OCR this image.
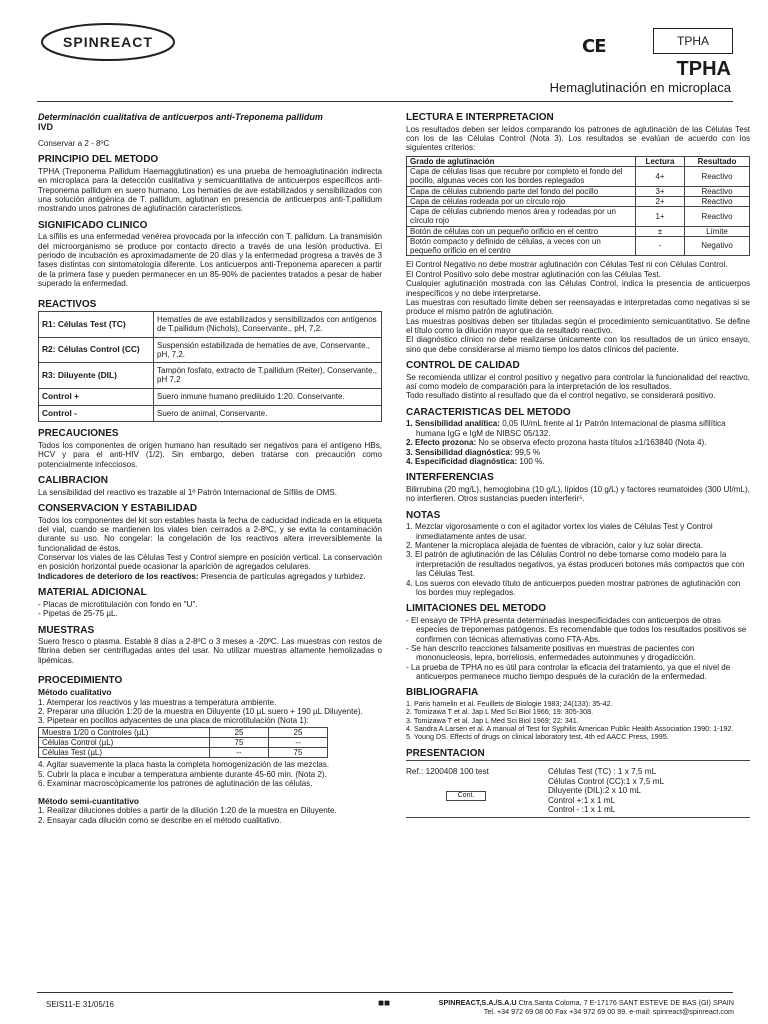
SPINREACT	CE	TPHA
TPHA
Hemaglutinación en microplaca
Determinación cualitativa de anticuerpos anti-Treponema pallidum
IVD
Conservar a 2 - 8ºC
PRINCIPIO DEL METODO

TPHA (Treponema Pallidum Haemagglutination) es una prueba de hemoaglutinación indirecta en microplaca para la detección cualitativa y semicuantitativa de anticuerpos específicos anti-Treponema pallidum en suero humano. Los hematíes de ave estabilizados y sensibilizados con una solución antigénica de T. pallidum, aglutinan en presencia de anticuerpos anti-T.pallidum mostrando unos patrones de aglutinación característicos.

SIGNIFICADO CLINICO

La sífilis es una enfermedad venérea provocada por la infección con T. pallidum. La transmisión del microorganismo se produce por contacto directo a través de una lesión productiva. El periodo de incubación es aproximadamente de 20 días y la enfermedad progresa a través de 3 fases distintas con sintomatología diferente. Los anticuerpos anti-Treponema aparecen a partir de la primera fase y pueden permanecer en un 85-90% de pacientes tratados a pesar de haber superado la enfermedad.

REACTIVOS
R1: Células Test (TC)	Hematíes de ave estabilizados y sensibilizados con antígenos de T.pallidum (Nichols), Conservante., pH, 7,2.
R2: Células Control (CC)	Suspensión estabilizada de hematíes de ave, Conservante., pH, 7,2.
R3: Diluyente (DIL)	Tampón fosfato, extracto de T.pallidum (Reiter), Conservante., pH 7,2
Control +	Suero inmune humano prediluido 1:20. Conservante.
Control -	Suero de animal, Conservante.
PRECAUCIONES

Todos los componentes de origen humano han resultado ser negativos para el antígeno HBs, HCV y para el anti-HIV (1/2). Sin embargo, deben tratarse con precaución como potencialmente infecciosos.

CALIBRACION

La sensibilidad del reactivo es trazable al 1º Patrón Internacional de Sífilis de OMS.

CONSERVACION Y ESTABILIDAD

Todos los componentes del kit son estables hasta la fecha de caducidad indicada en la etiqueta del vial, cuando se mantienen los viales bien cerrados a 2-8ºC, y se evita la contaminación durante su uso. No congelar: la congelación de los reactivos altera irreversiblemente la funcionalidad de éstos.

Conservar los viales de las Células Test y Control siempre en posición vertical. La conservación en posición horizontal puede ocasionar la aparición de agregados celulares.

Indicadores de deterioro de los reactivos: Presencia de partículas agregados y turbidez.

MATERIAL ADICIONAL
- Placas de microtitulación con fondo en "U".
- Pipetas de 25-75 µL.
MUESTRAS

Suero fresco o plasma. Estable 8 días a 2-8ºC o 3 meses a -20ºC. Las muestras con restos de fibrina deben ser centrifugadas antes del usar. No utilizar muestras altamente hemolizadas o lipémicas.

PROCEDIMIENTO
Método cualitativo
1. Atemperar los reactivos y las muestras a temperatura ambiente.
2. Preparar una dilución 1:20 de la muestra en Diluyente (10 µL suero + 190 µL Diluyente).
3. Pipetear en pocillos adyacentes de una placa de microtitulación (Nota 1):
Muestra 1/20 o Controles (µL)	25	25
Células Control (µL)	75	--
Células Test (µL)	--	75
4. Agitar suavemente la placa hasta la completa homogenización de las mezclas.
5. Cubrir la placa e incubar a temperatura ambiente durante 45-60 min. (Nota 2).
6. Examinar macroscópicamente los patrones de aglutinación de las células.
Método semi-cuantitativo
1. Realizar diluciones dobles a partir de la dilución 1:20 de la muestra en Diluyente.
2. Ensayar cada dilución como se describe en el método cualitativo.
LECTURA E INTERPRETACION

Los resultados deben ser leídos comparando los patrones de aglutinación de las Células Test con los de las Células Control (Nota 3). Los resultados se evalúan de acuerdo con los siguientes criterios:

Grado de aglutinación	Lectura	Resultado
Capa de células lisas que recubre por completo el fondo del pocillo, algunas veces con los bordes replegados	4+	Reactivo
Capa de células cubriendo parte del fondo del pocillo	3+	Reactivo
Capa de células rodeada por un círculo rojo	2+	Reactivo
Capa de células cubriendo menos área y rodeadas por un círculo rojo	1+	Reactivo
Botón de células con un pequeño orificio en el centro	±	Límite
Botón compacto y definido de células, a veces con un pequeño orificio en el centro	-	Negativo

El Control Negativo no debe mostrar aglutinación con Células Test ni con Células Control.

El Control Positivo solo debe mostrar aglutinación con las Células Test.

Cualquier aglutinación mostrada con las Células Control, indica la presencia de anticuerpos inespecíficos y no debe interpretarse.

Las muestras con resultado límite deben ser reensayadas e interpretadas como negativas si se produce el mismo patrón de aglutinación.

Las muestras positivas deben ser tituladas según el procedimiento semicuantitativo. Se define el título como la dilución mayor que da resultado reactivo.

El diagnóstico clínico no debe realizarse únicamente con los resultados de un único ensayo, sino que debe considerarse al mismo tiempo los datos clínicos del paciente.

CONTROL DE CALIDAD

Se recomienda utilizar el control positivo y negativo para controlar la funcionalidad del reactivo, así como modelo de comparación para la interpretación de los resultados.

Todo resultado distinto al resultado que da el control negativo, se considerará positivo.

CARACTERISTICAS DEL METODO
1. Sensibilidad analítica: 0,05 IU/mL frente al 1r Patrón Internacional de plasma sifilítica humana IgG e IgM de NIBSC 05/132.
2. Efecto prozona: No se observa efecto prozona hasta títulos ≥1/163840 (Nota 4).
3. Sensibilidad diagnóstica: 99,5 %
4. Especificidad diagnóstica: 100 %.
INTERFERENCIAS

Bilirrubina (20 mg/L), hemoglobina (10 g/L), lípidos (10 g/L) y factores reumatoides (300 UI/mL), no interfieren. Otros sustancias pueden interferir⁵.

NOTAS
1. Mezclar vigorosamente o con el agitador vortex los viales de Células Test y Control inmediatamente antes de usar.
2. Mantener la microplaca alejada de fuentes de vibración, calor y luz solar directa.
3. El patrón de aglutinación de las Células Control no debe tomarse como modelo para la interpretación de resultados negativos, ya éstas producen botones más compactos que con las Células Test.
4. Los sueros con elevado título de anticuerpos pueden mostrar patrones de aglutinación con los bordes muy replegados.
LIMITACIONES DEL METODO
- El ensayo de TPHA presenta determinadas inespecificidades con anticuerpos de otras especies de treponemas patógenos. Es recomendable que todos los resultados positivos se confirmen con técnicas alternativas como FTA-Abs.
- Se han descrito reacciones falsamente positivas en muestras de pacientes con mononucleosis, lepra, borreliosis, enfermedades autoinmunes y drogadicción.
- La prueba de TPHA no es útil para controlar la eficacia del tratamiento, ya que el nivel de anticuerpos permanece mucho tiempo después de la curación de la enfermedad.
BIBLIOGRAFIA
1. Paris hamelin et al. Feuillets de Biologie 1983; 24(133): 35-42.
2. Tomizawa T et al. Jap L Med Sci Biol 1966; 19: 305-308.
3. Tomizawa T et al. Jap L Med Sci Biol 1969; 22: 341.
4. Sandra A Larsen et al. A manual of Test for Syphilis American Public Health Association 1990: 1-192.
5. Young DS. Effects of drugs on clinical laboratory test, 4th ed AACC Press, 1995.
PRESENTACION
Ref.: 1200408 100 test
Cont.
Células Test (TC) : 1 x 7,5 mL
Células Control (CC):1 x 7,5 mL
Diluyente (DIL):2 x 10 mL
Control +:1 x 1 mL
Control - :1 x 1 mL
SEIS11-E 31/05/16	■■	SPINREACT,S.A./S.A.U Ctra.Santa Coloma, 7 E-17176 SANT ESTEVE DE BAS (GI) SPAIN
Tel. +34 972 69 08 00 Fax +34 972 69 00 99. e-mail: spinreact@spinreact.com
